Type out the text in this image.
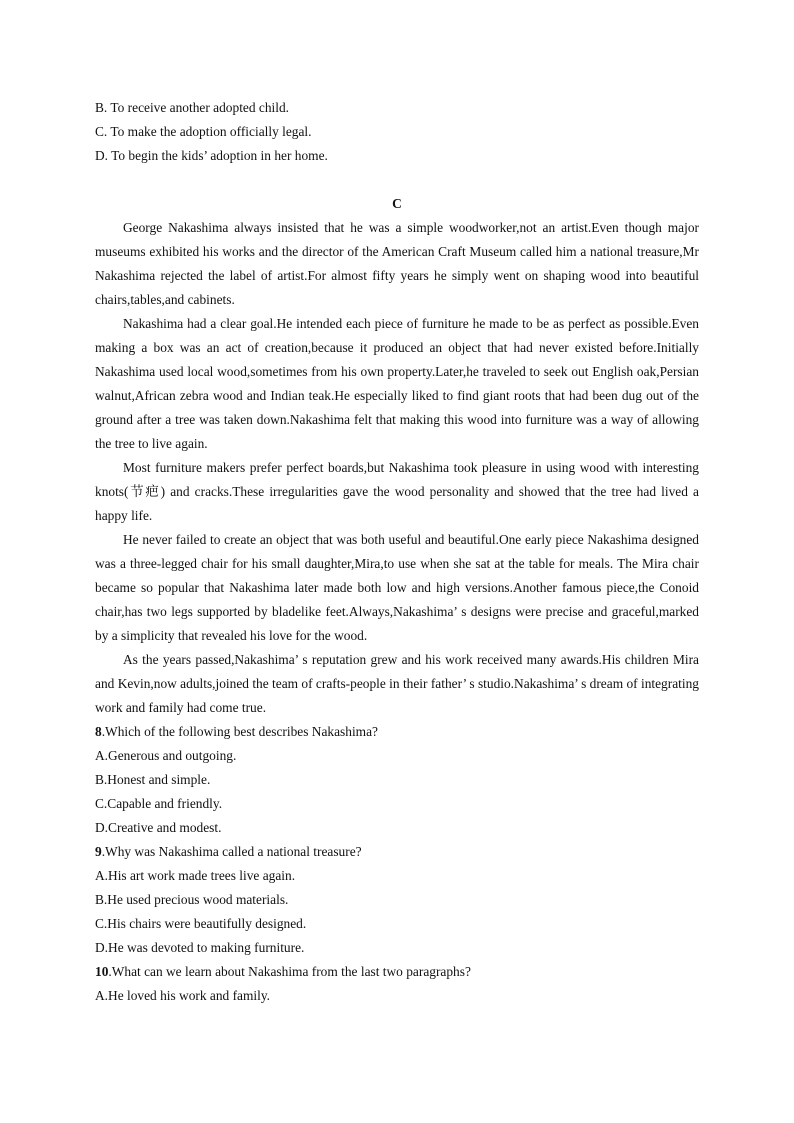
B. To receive another adopted child.
C. To make the adoption officially legal.
D. To begin the kids’ adoption in her home.
C

George Nakashima always insisted that he was a simple woodworker,not an artist.Even though major museums exhibited his works and the director of the American Craft Museum called him a national treasure,Mr Nakashima rejected the label of artist.For almost fifty years he simply went on shaping wood into beautiful chairs,tables,and cabinets.

Nakashima had a clear goal.He intended each piece of furniture he made to be as perfect as possible.Even making a box was an act of creation,because it produced an object that had never existed before.Initially Nakashima used local wood,sometimes from his own property.Later,he traveled to seek out English oak,Persian walnut,African zebra wood and Indian teak.He especially liked to find giant roots that had been dug out of the ground after a tree was taken down.Nakashima felt that making this wood into furniture was a way of allowing the tree to live again.

Most furniture makers prefer perfect boards,but Nakashima took pleasure in using wood with interesting knots(节疤) and cracks.These irregularities gave the wood personality and showed that the tree had lived a happy life.

He never failed to create an object that was both useful and beautiful.One early piece Nakashima designed was a three-legged chair for his small daughter,Mira,to use when she sat at the table for meals. The Mira chair became so popular that Nakashima later made both low and high versions.Another famous piece,the Conoid chair,has two legs supported by bladelike feet.Always,Nakashima’ s designs were precise and graceful,marked by a simplicity that revealed his love for the wood.

As the years passed,Nakashima’ s reputation grew and his work received many awards.His children Mira and Kevin,now adults,joined the team of crafts-people in their father’ s studio.Nakashima’ s dream of integrating work and family had come true.

8.Which of the following best describes Nakashima?
A.Generous and outgoing.
B.Honest and simple.
C.Capable and friendly.
D.Creative and modest.
9.Why was Nakashima called a national treasure?
A.His art work made trees live again.
B.He used precious wood materials.
C.His chairs were beautifully designed.
D.He was devoted to making furniture.
10.What can we learn about Nakashima from the last two paragraphs?
A.He loved his work and family.
